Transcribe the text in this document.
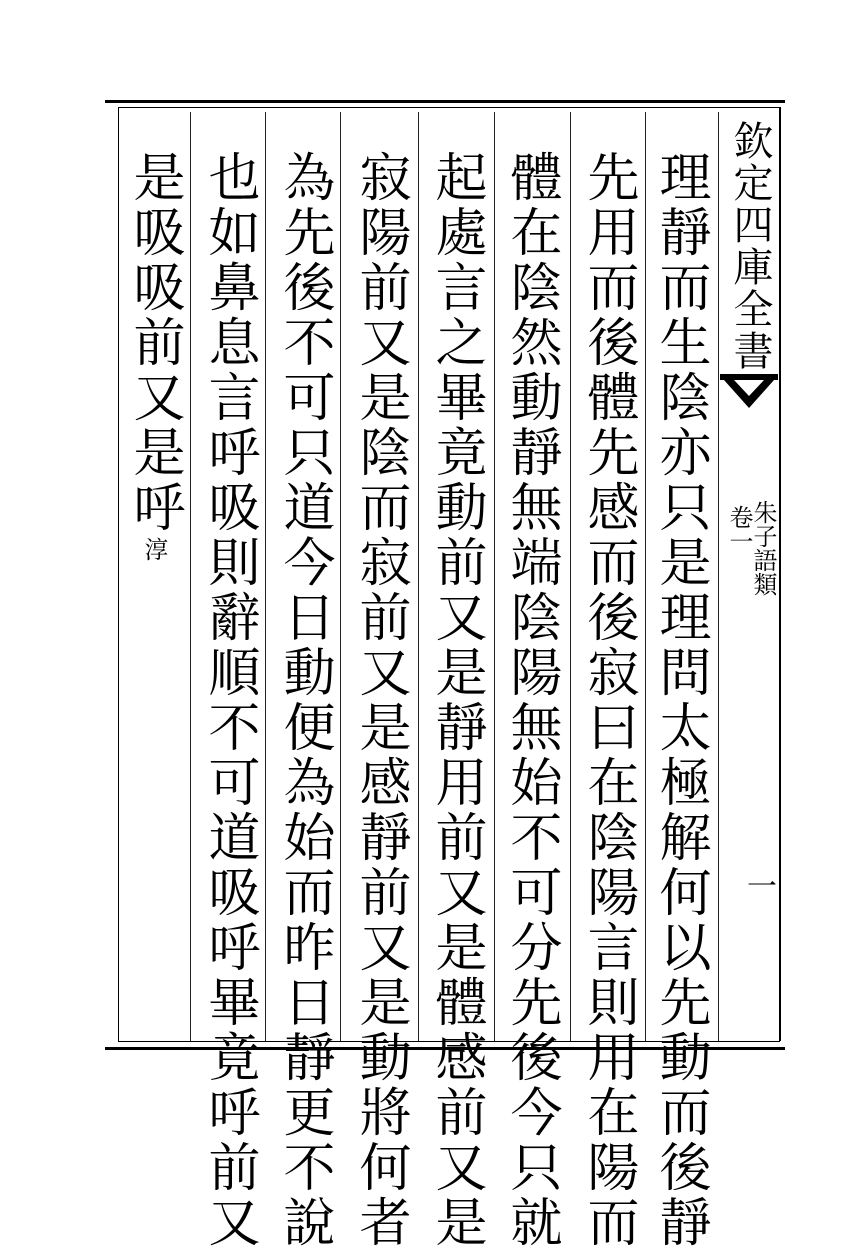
欽定四庫全書
朱子語類
卷一
一
理靜而生陰亦只是理問太極解何以先動而後靜
先用而後體先感而後寂曰在陰陽言則用在陽而
體在陰然動靜無端陰陽無始不可分先後今只就
起處言之畢竟動前又是靜用前又是體感前又是
寂陽前又是陰而寂前又是感靜前又是動將何者
為先後不可只道今日動便為始而昨日靜更不說
也如鼻息言呼吸則辭順不可道吸呼畢竟呼前又
是吸吸前又是呼
淳
